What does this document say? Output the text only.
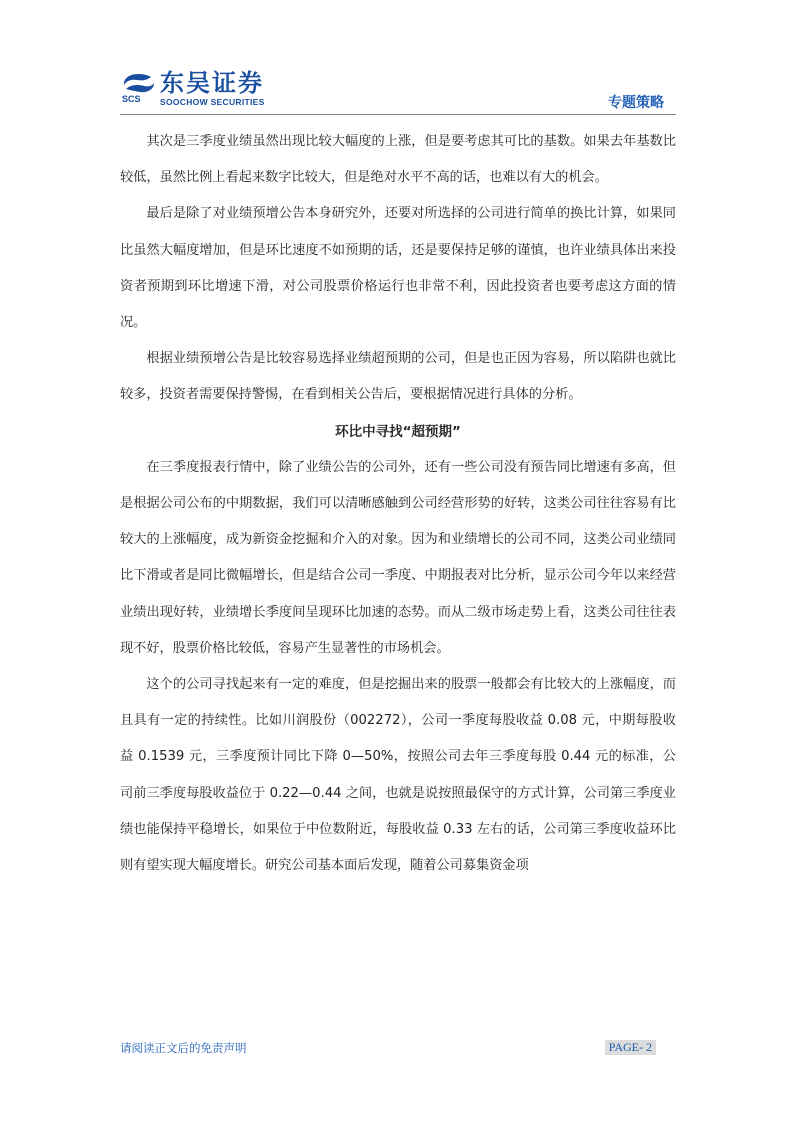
SCS
东吴证券
SOOCHOW SECURITIES	专题策略

其次是三季度业绩虽然出现比较大幅度的上涨，但是要考虑其可比的基数。如果去年基数比较低，虽然比例上看起来数字比较大，但是绝对水平不高的话，也难以有大的机会。

最后是除了对业绩预增公告本身研究外，还要对所选择的公司进行简单的换比计算，如果同比虽然大幅度增加，但是环比速度不如预期的话，还是要保持足够的谨慎，也许业绩具体出来投资者预期到环比增速下滑，对公司股票价格运行也非常不利，因此投资者也要考虑这方面的情况。

根据业绩预增公告是比较容易选择业绩超预期的公司，但是也正因为容易，所以陷阱也就比较多，投资者需要保持警惕，在看到相关公告后，要根据情况进行具体的分析。

环比中寻找“超预期”

在三季度报表行情中，除了业绩公告的公司外，还有一些公司没有预告同比增速有多高，但是根据公司公布的中期数据，我们可以清晰感触到公司经营形势的好转，这类公司往往容易有比较大的上涨幅度，成为新资金挖掘和介入的对象。因为和业绩增长的公司不同，这类公司业绩同比下滑或者是同比微幅增长，但是结合公司一季度、中期报表对比分析，显示公司今年以来经营业绩出现好转，业绩增长季度间呈现环比加速的态势。而从二级市场走势上看，这类公司往往表现不好，股票价格比较低，容易产生显著性的市场机会。

这个的公司寻找起来有一定的难度，但是挖掘出来的股票一般都会有比较大的上涨幅度，而且具有一定的持续性。比如川润股份（002272），公司一季度每股收益 0.08 元，中期每股收益 0.1539 元，三季度预计同比下降 0—50%，按照公司去年三季度每股 0.44 元的标准，公司前三季度每股收益位于 0.22—0.44 之间，也就是说按照最保守的方式计算，公司第三季度业绩也能保持平稳增长，如果位于中位数附近，每股收益 0.33 左右的话，公司第三季度收益环比则有望实现大幅度增长。研究公司基本面后发现，随着公司募集资金项

请阅读正文后的免责声明	PAGE- 2
